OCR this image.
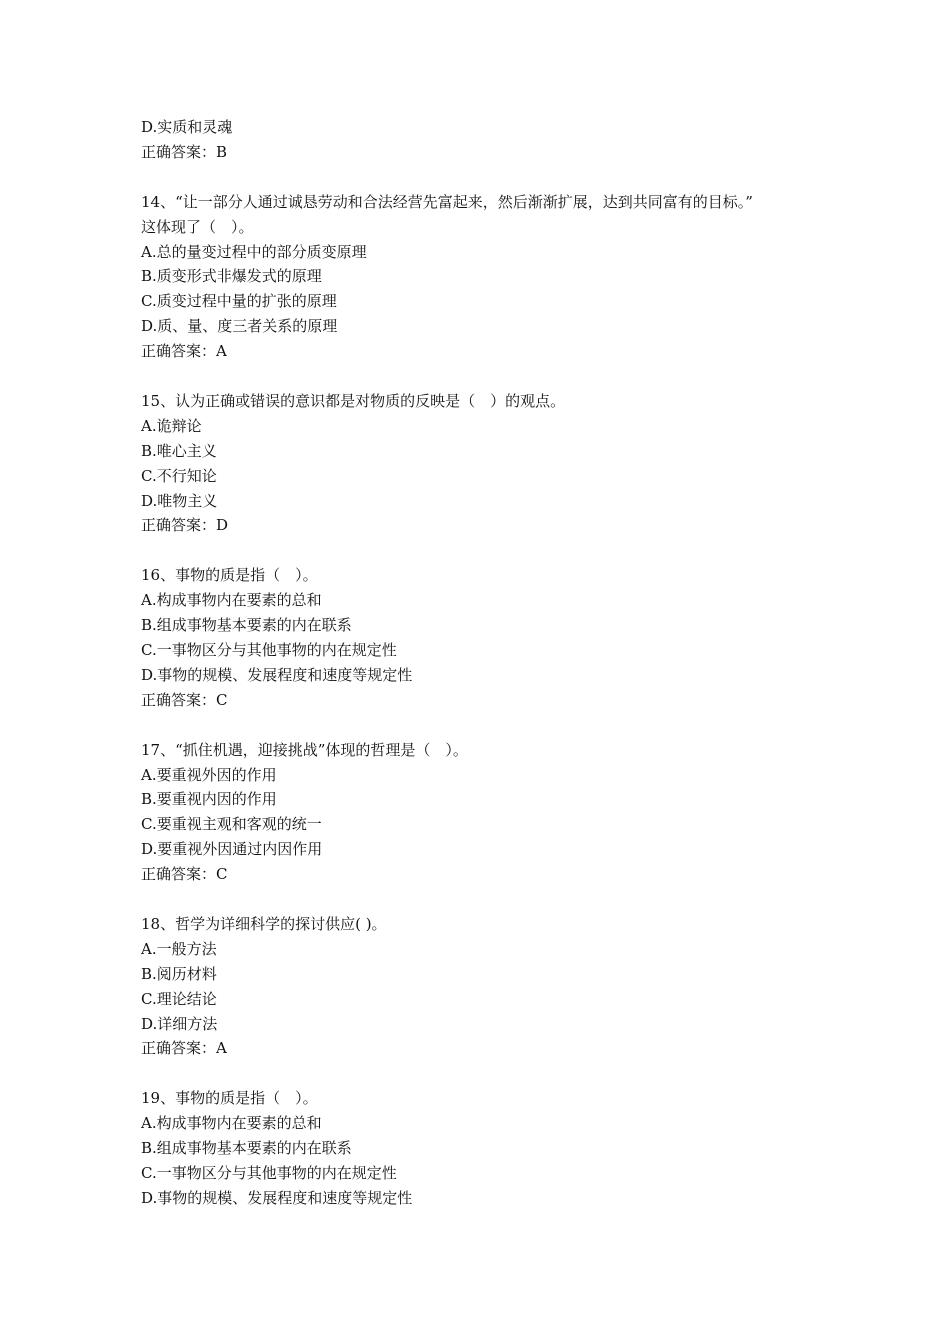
D.实质和灵魂

正确答案：B

14、“让一部分人通过诚恳劳动和合法经营先富起来，然后渐渐扩展，达到共同富有的目标。”

这体现了（　）。

A.总的量变过程中的部分质变原理

B.质变形式非爆发式的原理

C.质变过程中量的扩张的原理

D.质、量、度三者关系的原理

正确答案：A

15、认为正确或错误的意识都是对物质的反映是（　）的观点。

A.诡辩论

B.唯心主义

C.不行知论

D.唯物主义

正确答案：D

16、事物的质是指（　）。

A.构成事物内在要素的总和

B.组成事物基本要素的内在联系

C.一事物区分与其他事物的内在规定性

D.事物的规模、发展程度和速度等规定性

正确答案：C

17、“抓住机遇，迎接挑战”体现的哲理是（　）。

A.要重视外因的作用

B.要重视内因的作用

C.要重视主观和客观的统一

D.要重视外因通过内因作用

正确答案：C

18、哲学为详细科学的探讨供应( )。

A.一般方法

B.阅历材料

C.理论结论

D.详细方法

正确答案：A

19、事物的质是指（　）。

A.构成事物内在要素的总和

B.组成事物基本要素的内在联系

C.一事物区分与其他事物的内在规定性

D.事物的规模、发展程度和速度等规定性
